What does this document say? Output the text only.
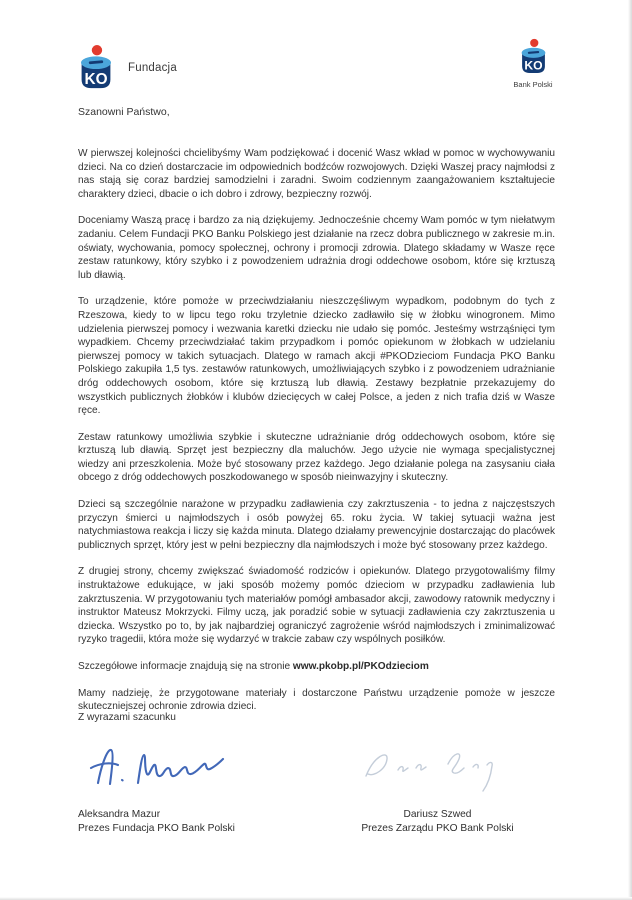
KO
Fundacja	KO
Bank Polski
Szanowni Państwo,

W pierwszej kolejności chcielibyśmy Wam podziękować i docenić Wasz wkład w pomoc w wychowywaniu dzieci. Na co dzień dostarczacie im odpowiednich bodźców rozwojowych. Dzięki Waszej pracy najmłodsi z nas stają się coraz bardziej samodzielni i zaradni. Swoim codziennym zaangażowaniem kształtujecie charaktery dzieci, dbacie o ich dobro i zdrowy, bezpieczny rozwój.

Doceniamy Waszą pracę i bardzo za nią dziękujemy. Jednocześnie chcemy Wam pomóc w tym niełatwym zadaniu. Celem Fundacji PKO Banku Polskiego jest działanie na rzecz dobra publicznego w zakresie m.in. oświaty, wychowania, pomocy społecznej, ochrony i promocji zdrowia. Dlatego składamy w Wasze ręce zestaw ratunkowy, który szybko i z powodzeniem udrażnia drogi oddechowe osobom, które się krztuszą lub dławią.

To urządzenie, które pomoże w przeciwdziałaniu nieszczęśliwym wypadkom, podobnym do tych z Rzeszowa, kiedy to w lipcu tego roku trzyletnie dziecko zadławiło się w żłobku winogronem. Mimo udzielenia pierwszej pomocy i wezwania karetki dziecku nie udało się pomóc. Jesteśmy wstrząśnięci tym wypadkiem. Chcemy przeciwdziałać takim przypadkom i pomóc opiekunom w żłobkach w udzielaniu pierwszej pomocy w takich sytuacjach. Dlatego w ramach akcji #PKODzieciom Fundacja PKO Banku Polskiego zakupiła 1,5 tys. zestawów ratunkowych, umożliwiających szybko i z powodzeniem udrażnianie dróg oddechowych osobom, które się krztuszą lub dławią. Zestawy bezpłatnie przekazujemy do wszystkich publicznych żłobków i klubów dziecięcych w całej Polsce, a jeden z nich trafia dziś w Wasze ręce.

Zestaw ratunkowy umożliwia szybkie i skuteczne udrażnianie dróg oddechowych osobom, które się krztuszą lub dławią. Sprzęt jest bezpieczny dla maluchów. Jego użycie nie wymaga specjalistycznej wiedzy ani przeszkolenia. Może być stosowany przez każdego. Jego działanie polega na zasysaniu ciała obcego z dróg oddechowych poszkodowanego w sposób nieinwazyjny i skuteczny.

Dzieci są szczególnie narażone w przypadku zadławienia czy zakrztuszenia - to jedna z najczęstszych przyczyn śmierci u najmłodszych i osób powyżej 65. roku życia. W takiej sytuacji ważna jest natychmiastowa reakcja i liczy się każda minuta. Dlatego działamy prewencyjnie dostarczając do placówek publicznych sprzęt, który jest w pełni bezpieczny dla najmłodszych i może być stosowany przez każdego.

Z drugiej strony, chcemy zwiększać świadomość rodziców i opiekunów. Dlatego przygotowaliśmy filmy instruktażowe edukujące, w jaki sposób możemy pomóc dzieciom w przypadku zadławienia lub zakrztuszenia. W przygotowaniu tych materiałów pomógł ambasador akcji, zawodowy ratownik medyczny i instruktor Mateusz Mokrzycki. Filmy uczą, jak poradzić sobie w sytuacji zadławienia czy zakrztuszenia u dziecka. Wszystko po to, by jak najbardziej ograniczyć zagrożenie wśród najmłodszych i zminimalizować ryzyko tragedii, która może się wydarzyć w trakcie zabaw czy wspólnych posiłków.

Szczegółowe informacje znajdują się na stronie www.pkobp.pl/PKOdzieciom

Mamy nadzieję, że przygotowane materiały i dostarczone Państwu urządzenie pomoże w jeszcze skuteczniejszej ochronie zdrowia dzieci.

Z wyrazami szacunku
Aleksandra Mazur
Prezes Fundacja PKO Bank Polski
Dariusz Szwed
Prezes Zarządu PKO Bank Polski
